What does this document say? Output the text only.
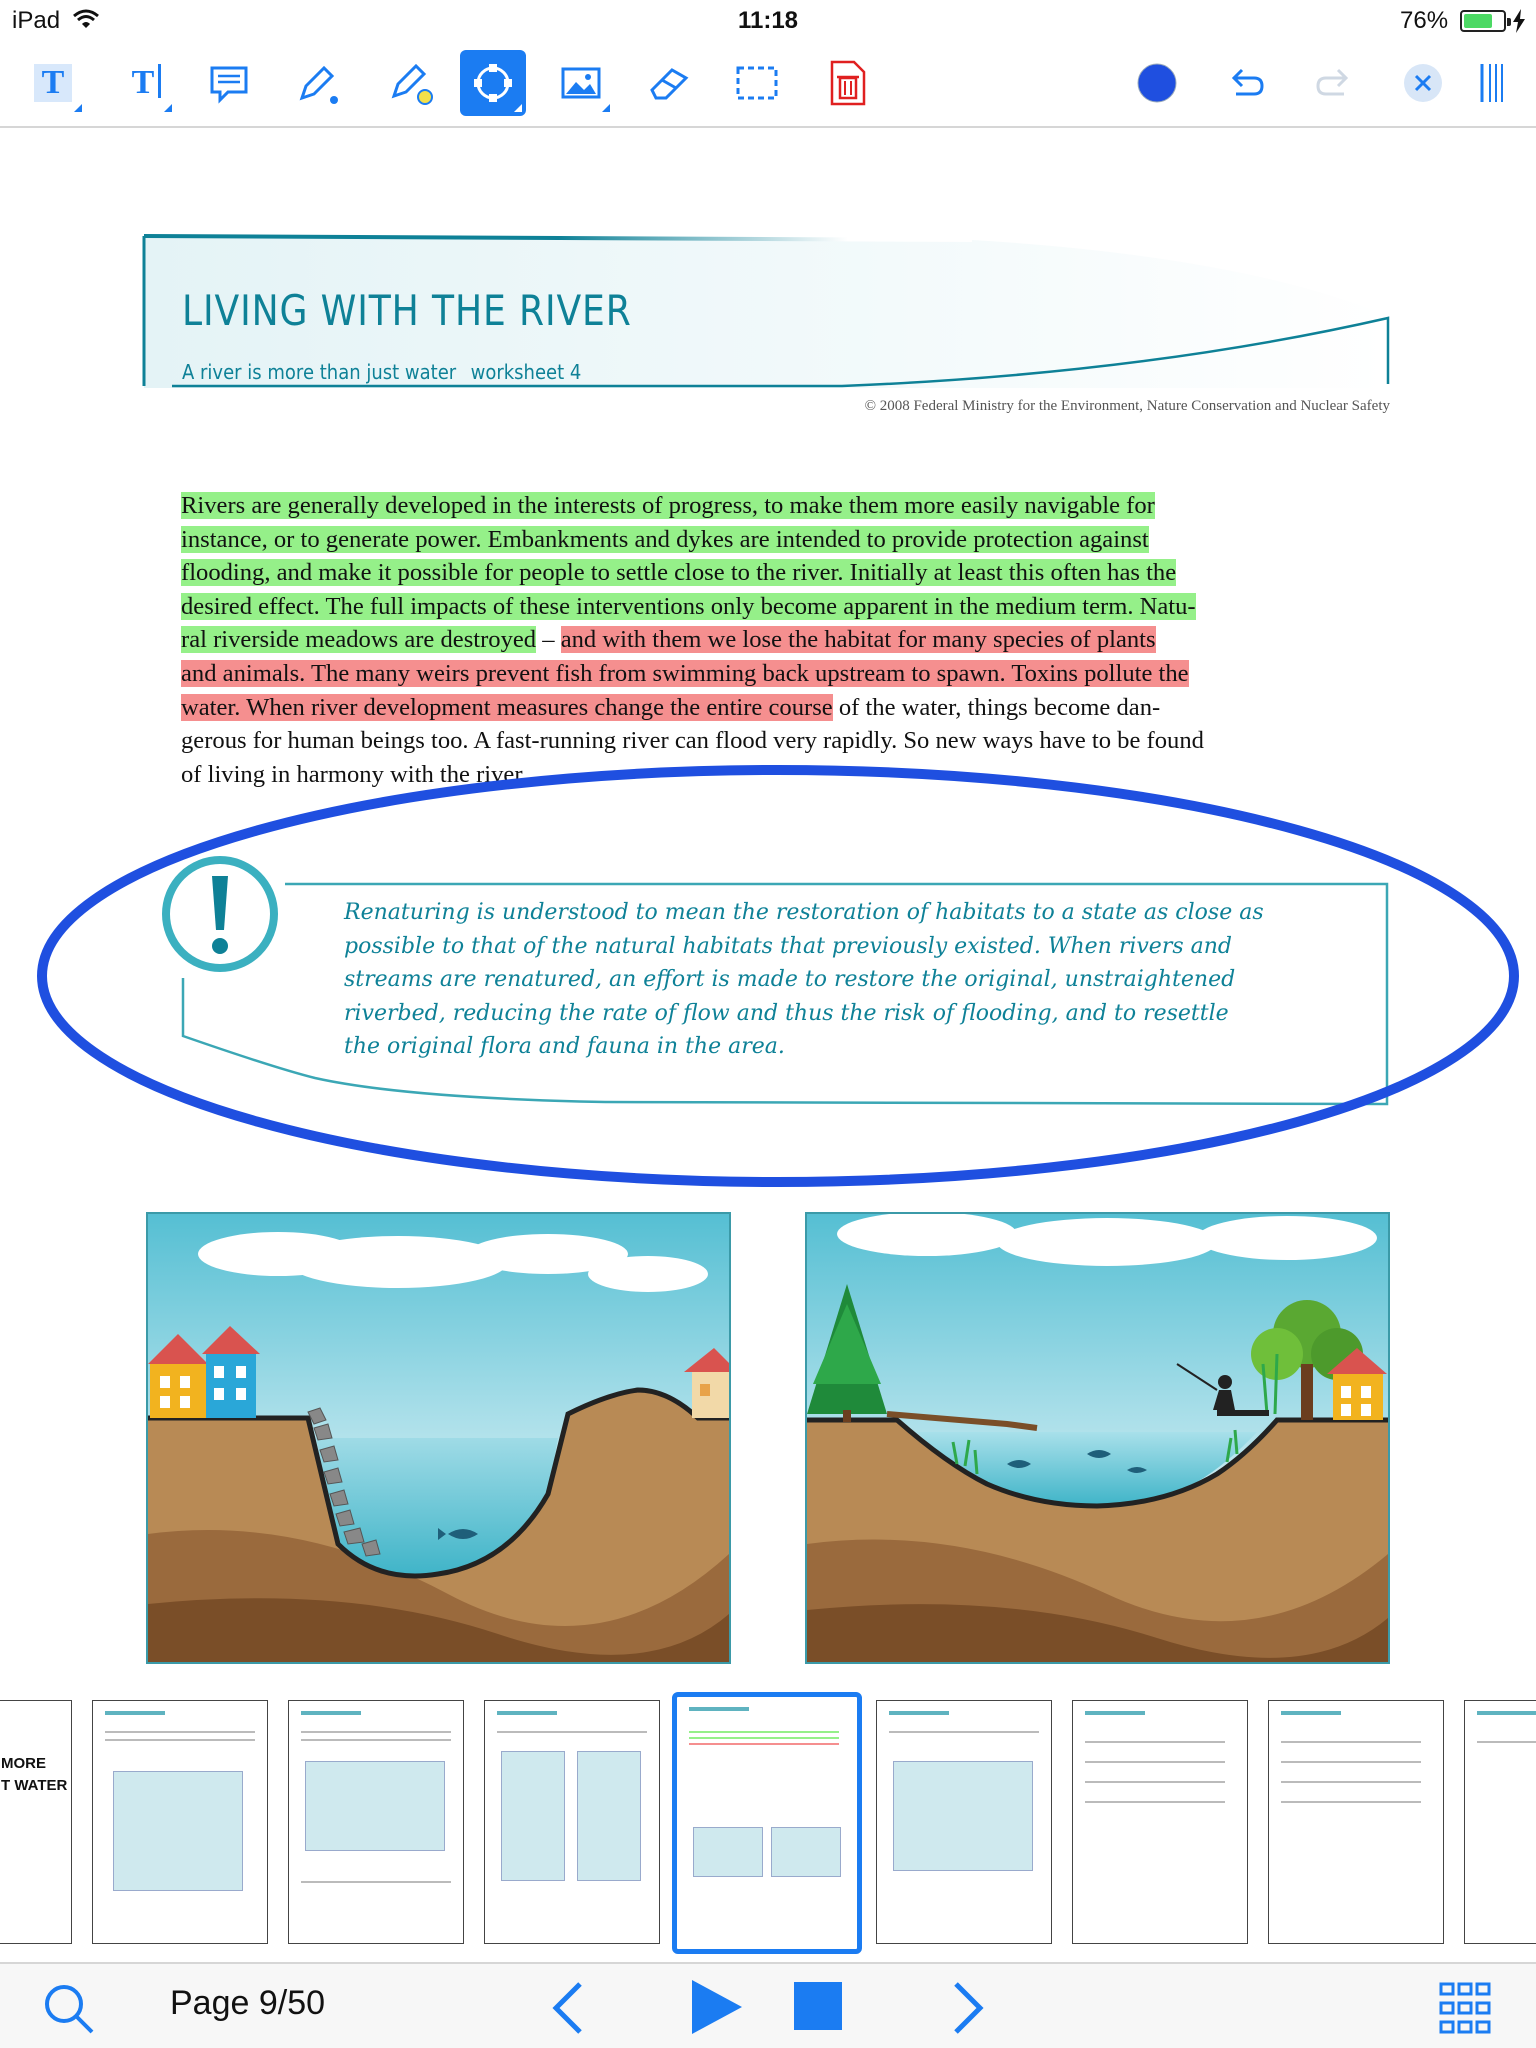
iPad	11:18	76%
T T
LIVING WITH THE RIVER
A river is more than just water worksheet 4
© 2008 Federal Ministry for the Environment, Nature Conservation and Nuclear Safety
Rivers are generally developed in the interests of progress, to make them more easily navigable for
instance, or to generate power. Embankments and dykes are intended to provide protection against
flooding, and make it possible for people to settle close to the river. Initially at least this often has the
desired effect. The full impacts of these interventions only become apparent in the medium term. Natu-
ral riverside meadows are destroyed – and with them we lose the habitat for many species of plants
and animals. The many weirs prevent fish from swimming back upstream to spawn. Toxins pollute the
water. When river development measures change the entire course of the water, things become dan-
gerous for human beings too. A fast-running river can flood very rapidly. So new ways have to be found
of living in harmony with the river.
Renaturing is understood to mean the restoration of habitats to a state as close as
possible to that of the natural habitats that previously existed. When rivers and
streams are renatured, an effort is made to restore the original, unstraightened
riverbed, reducing the rate of flow and thus the risk of flooding, and to resettle
the original flora and fauna in the area.
MORE
T WATER
Page 9/50
